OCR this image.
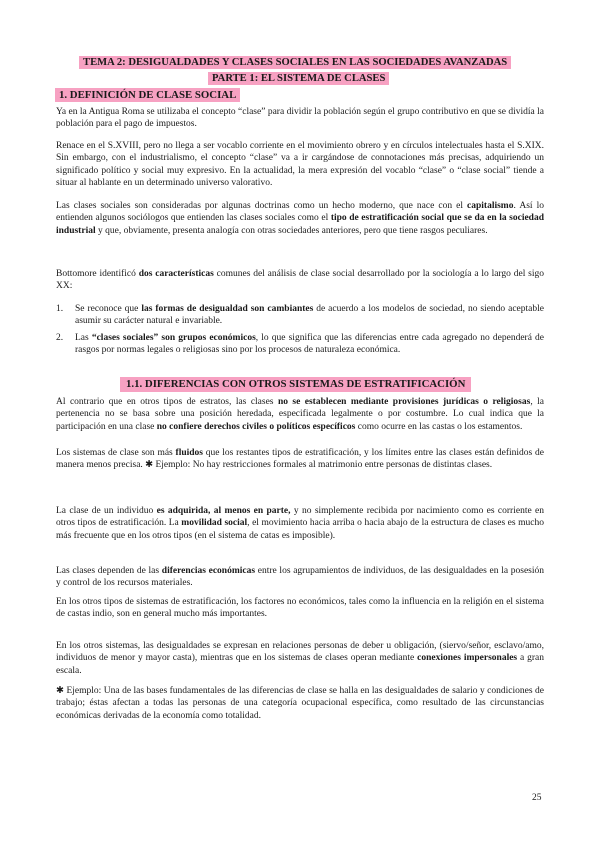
TEMA 2: DESIGUALDADES Y CLASES SOCIALES EN LAS SOCIEDADES AVANZADAS
PARTE 1: EL SISTEMA DE CLASES
1. DEFINICIÓN DE CLASE SOCIAL
Ya en la Antigua Roma se utilizaba el concepto “clase” para dividir la población según el grupo contributivo en que se dividía la población para el pago de impuestos.
Renace en el S.XVIII, pero no llega a ser vocablo corriente en el movimiento obrero y en círculos intelectuales hasta el S.XIX. Sin embargo, con el industrialismo, el concepto “clase” va a ir cargándose de connotaciones más precisas, adquiriendo un significado político y social muy expresivo. En la actualidad, la mera expresión del vocablo “clase” o “clase social” tiende a situar al hablante en un determinado universo valorativo.
Las clases sociales son consideradas por algunas doctrinas como un hecho moderno, que nace con el capitalismo. Así lo entienden algunos sociólogos que entienden las clases sociales como el tipo de estratificación social que se da en la sociedad industrial y que, obviamente, presenta analogía con otras sociedades anteriores, pero que tiene rasgos peculiares.
Bottomore identificó dos características comunes del análisis de clase social desarrollado por la sociología a lo largo del sigo XX:
1. Se reconoce que las formas de desigualdad son cambiantes de acuerdo a los modelos de sociedad, no siendo aceptable asumir su carácter natural e invariable.
2. Las “clases sociales” son grupos económicos, lo que significa que las diferencias entre cada agregado no dependerá de rasgos por normas legales o religiosas sino por los procesos de naturaleza económica.
1.1. DIFERENCIAS CON OTROS SISTEMAS DE ESTRATIFICACIÓN
Al contrario que en otros tipos de estratos, las clases no se establecen mediante provisiones jurídicas o religiosas, la pertenencia no se basa sobre una posición heredada, especificada legalmente o por costumbre. Lo cual indica que la participación en una clase no confiere derechos civiles o políticos específicos como ocurre en las castas o los estamentos.
Los sistemas de clase son más fluidos que los restantes tipos de estratificación, y los límites entre las clases están definidos de manera menos precisa. ✱ Ejemplo: No hay restricciones formales al matrimonio entre personas de distintas clases.
La clase de un individuo es adquirida, al menos en parte, y no simplemente recibida por nacimiento como es corriente en otros tipos de estratificación. La movilidad social, el movimiento hacia arriba o hacia abajo de la estructura de clases es mucho más frecuente que en los otros tipos (en el sistema de catas es imposible).
Las clases dependen de las diferencias económicas entre los agrupamientos de individuos, de las desigualdades en la posesión y control de los recursos materiales.
En los otros tipos de sistemas de estratificación, los factores no económicos, tales como la influencia en la religión en el sistema de castas indio, son en general mucho más importantes.
En los otros sistemas, las desigualdades se expresan en relaciones personas de deber u obligación, (siervo/señor, esclavo/amo, individuos de menor y mayor casta), mientras que en los sistemas de clases operan mediante conexiones impersonales a gran escala.
✱ Ejemplo: Una de las bases fundamentales de las diferencias de clase se halla en las desigualdades de salario y condiciones de trabajo; éstas afectan a todas las personas de una categoría ocupacional específica, como resultado de las circunstancias económicas derivadas de la economía como totalidad.
25
